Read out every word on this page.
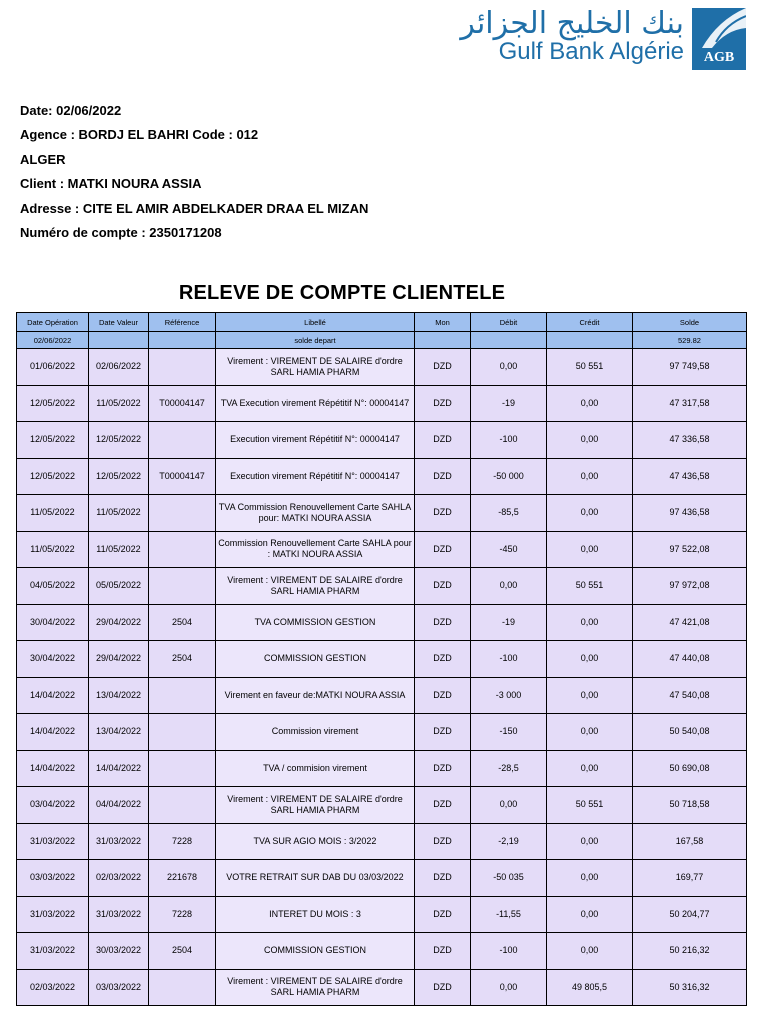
بنك الخليج الجزائر
Gulf Bank Algérie	AGB
Date: 02/06/2022
Agence : BORDJ EL BAHRI Code : 012
ALGER
Client : MATKI NOURA ASSIA
Adresse : CITE EL AMIR ABDELKADER DRAA EL MIZAN
Numéro de compte : 2350171208
RELEVE DE COMPTE CLIENTELE
Date Opération	Date Valeur	Référence	Libellé	Mon	Débit	Crédit	Solde
02/06/2022			solde depart				529.82
01/06/2022	02/06/2022		Virement : VIREMENT DE SALAIRE d'ordre SARL HAMIA PHARM	DZD	0,00	50 551	97 749,58
12/05/2022	11/05/2022	T00004147	TVA Execution virement Répétitif N°: 00004147	DZD	-19	0,00	47 317,58
12/05/2022	12/05/2022		Execution virement Répétitif N°: 00004147	DZD	-100	0,00	47 336,58
12/05/2022	12/05/2022	T00004147	Execution virement Répétitif N°: 00004147	DZD	-50 000	0,00	47 436,58
11/05/2022	11/05/2022		TVA Commission Renouvellement Carte SAHLA pour: MATKI NOURA ASSIA	DZD	-85,5	0,00	97 436,58
11/05/2022	11/05/2022		Commission Renouvellement Carte SAHLA pour : MATKI NOURA ASSIA	DZD	-450	0,00	97 522,08
04/05/2022	05/05/2022		Virement : VIREMENT DE SALAIRE d'ordre SARL HAMIA PHARM	DZD	0,00	50 551	97 972,08
30/04/2022	29/04/2022	2504	TVA COMMISSION GESTION	DZD	-19	0,00	47 421,08
30/04/2022	29/04/2022	2504	COMMISSION GESTION	DZD	-100	0,00	47 440,08
14/04/2022	13/04/2022		Virement en faveur de:MATKI NOURA ASSIA	DZD	-3 000	0,00	47 540,08
14/04/2022	13/04/2022		Commission virement	DZD	-150	0,00	50 540,08
14/04/2022	14/04/2022		TVA / commision virement	DZD	-28,5	0,00	50 690,08
03/04/2022	04/04/2022		Virement : VIREMENT DE SALAIRE d'ordre SARL HAMIA PHARM	DZD	0,00	50 551	50 718,58
31/03/2022	31/03/2022	7228	TVA SUR AGIO MOIS : 3/2022	DZD	-2,19	0,00	167,58
03/03/2022	02/03/2022	221678	VOTRE RETRAIT SUR DAB DU 03/03/2022	DZD	-50 035	0,00	169,77
31/03/2022	31/03/2022	7228	INTERET DU MOIS : 3	DZD	-11,55	0,00	50 204,77
31/03/2022	30/03/2022	2504	COMMISSION GESTION	DZD	-100	0,00	50 216,32
02/03/2022	03/03/2022		Virement : VIREMENT DE SALAIRE d'ordre SARL HAMIA PHARM	DZD	0,00	49 805,5	50 316,32
